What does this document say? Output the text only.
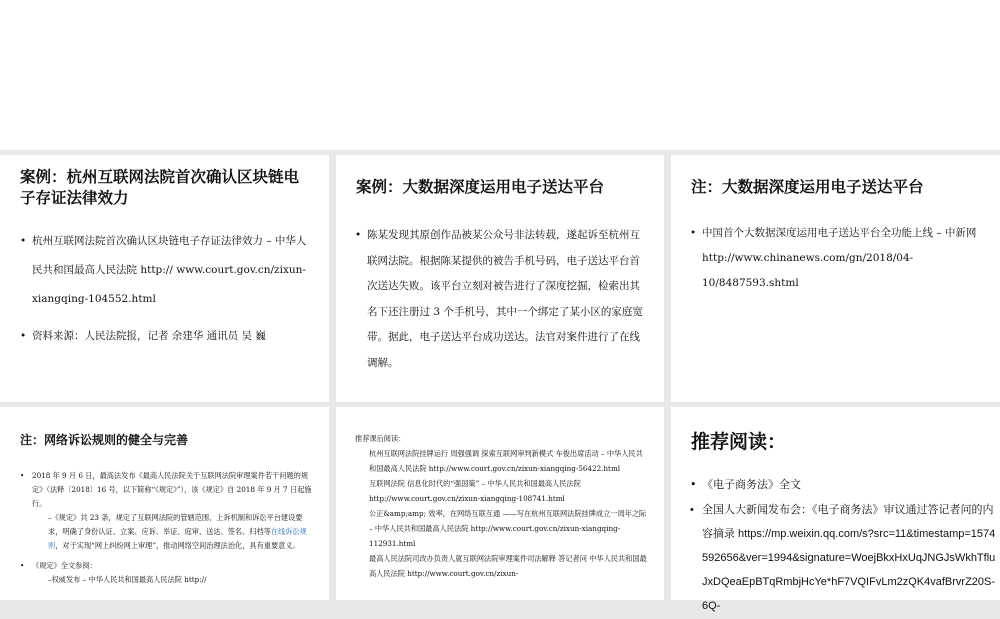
案例：杭州互联网法院首次确认区块链电子存证法律效力
• 杭州互联网法院首次确认区块链电子存证法律效力 – 中华人民共和国最高人民法院 http:// www.court.gov.cn/zixun-xiangqing-104552.html
• 资料来源：人民法院报，记者 余建华 通讯员 吴 巍
案例：大数据深度运用电子送达平台
• 陈某发现其原创作品被某公众号非法转载，遂起诉至杭州互联网法院。根据陈某提供的被告手机号码，电子送达平台首次送达失败。该平台立刻对被告进行了深度挖掘，检索出其名下还注册过 3 个手机号，其中一个绑定了某小区的家庭宽带。据此，电子送达平台成功送达。法官对案件进行了在线调解。
注：大数据深度运用电子送达平台
• 中国首个大数据深度运用电子送达平台全功能上线 – 中新网 http://www.chinanews.com/gn/2018/04-10/8487593.shtml
注：网络诉讼规则的健全与完善
• 2018 年 9 月 6 日，最高法发布《最高人民法院关于互联网法院审理案件若干问题的规定》（法释〔2018〕16 号，以下简称“《规定》”），该《规定》自 2018 年 9 月 7 日起施行。
–《规定》共 23 条，规定了互联网法院的管辖范围、上诉机制和诉讼平台建设要求，明确了身份认证、立案、应诉、举证、庭审、送达、签名、归档等在线诉讼规则，对于实现“网上纠纷网上审理”，推动网络空间治理法治化，具有重要意义。
• 《规定》全文参阅：
–权威发布 – 中华人民共和国最高人民法院 http://
推荐课后阅读：
杭州互联网法院挂牌运行 周强强调 探索互联网审判新模式 车俊出席活动 – 中华人民共和国最高人民法院 http://www.court.gov.cn/zixun-xiangqing-56422.html
互联网法院 信息化时代的“强国策” – 中华人民共和国最高人民法院 http://www.court.gov.cn/zixun-xiangqing-108741.html
公正&amp;amp; 效率，在网络互联互通 ——写在杭州互联网法院挂牌成立一周年之际 – 中华人民共和国最高人民法院 http://www.court.gov.cn/zixun-xiangqing-112931.html
最高人民法院司改办负责人就互联网法院审理案件司法解释 答记者问 中华人民共和国最高人民法院 http://www.court.gov.cn/zixun-
推荐阅读：
• 《电子商务法》全文
• 全国人大新闻发布会：《电子商务法》审议通过答记者问的内容摘录 https://mp.weixin.qq.com/s?src=11&timestamp=1574592656&ver=1994&signature=WoejBkxHxUqJNGJsWkhTfluJxDQeaEpBTqRmbjHcYe*hF7VQIFvLm2zQK4vafBrvrZ20S-6Q-
